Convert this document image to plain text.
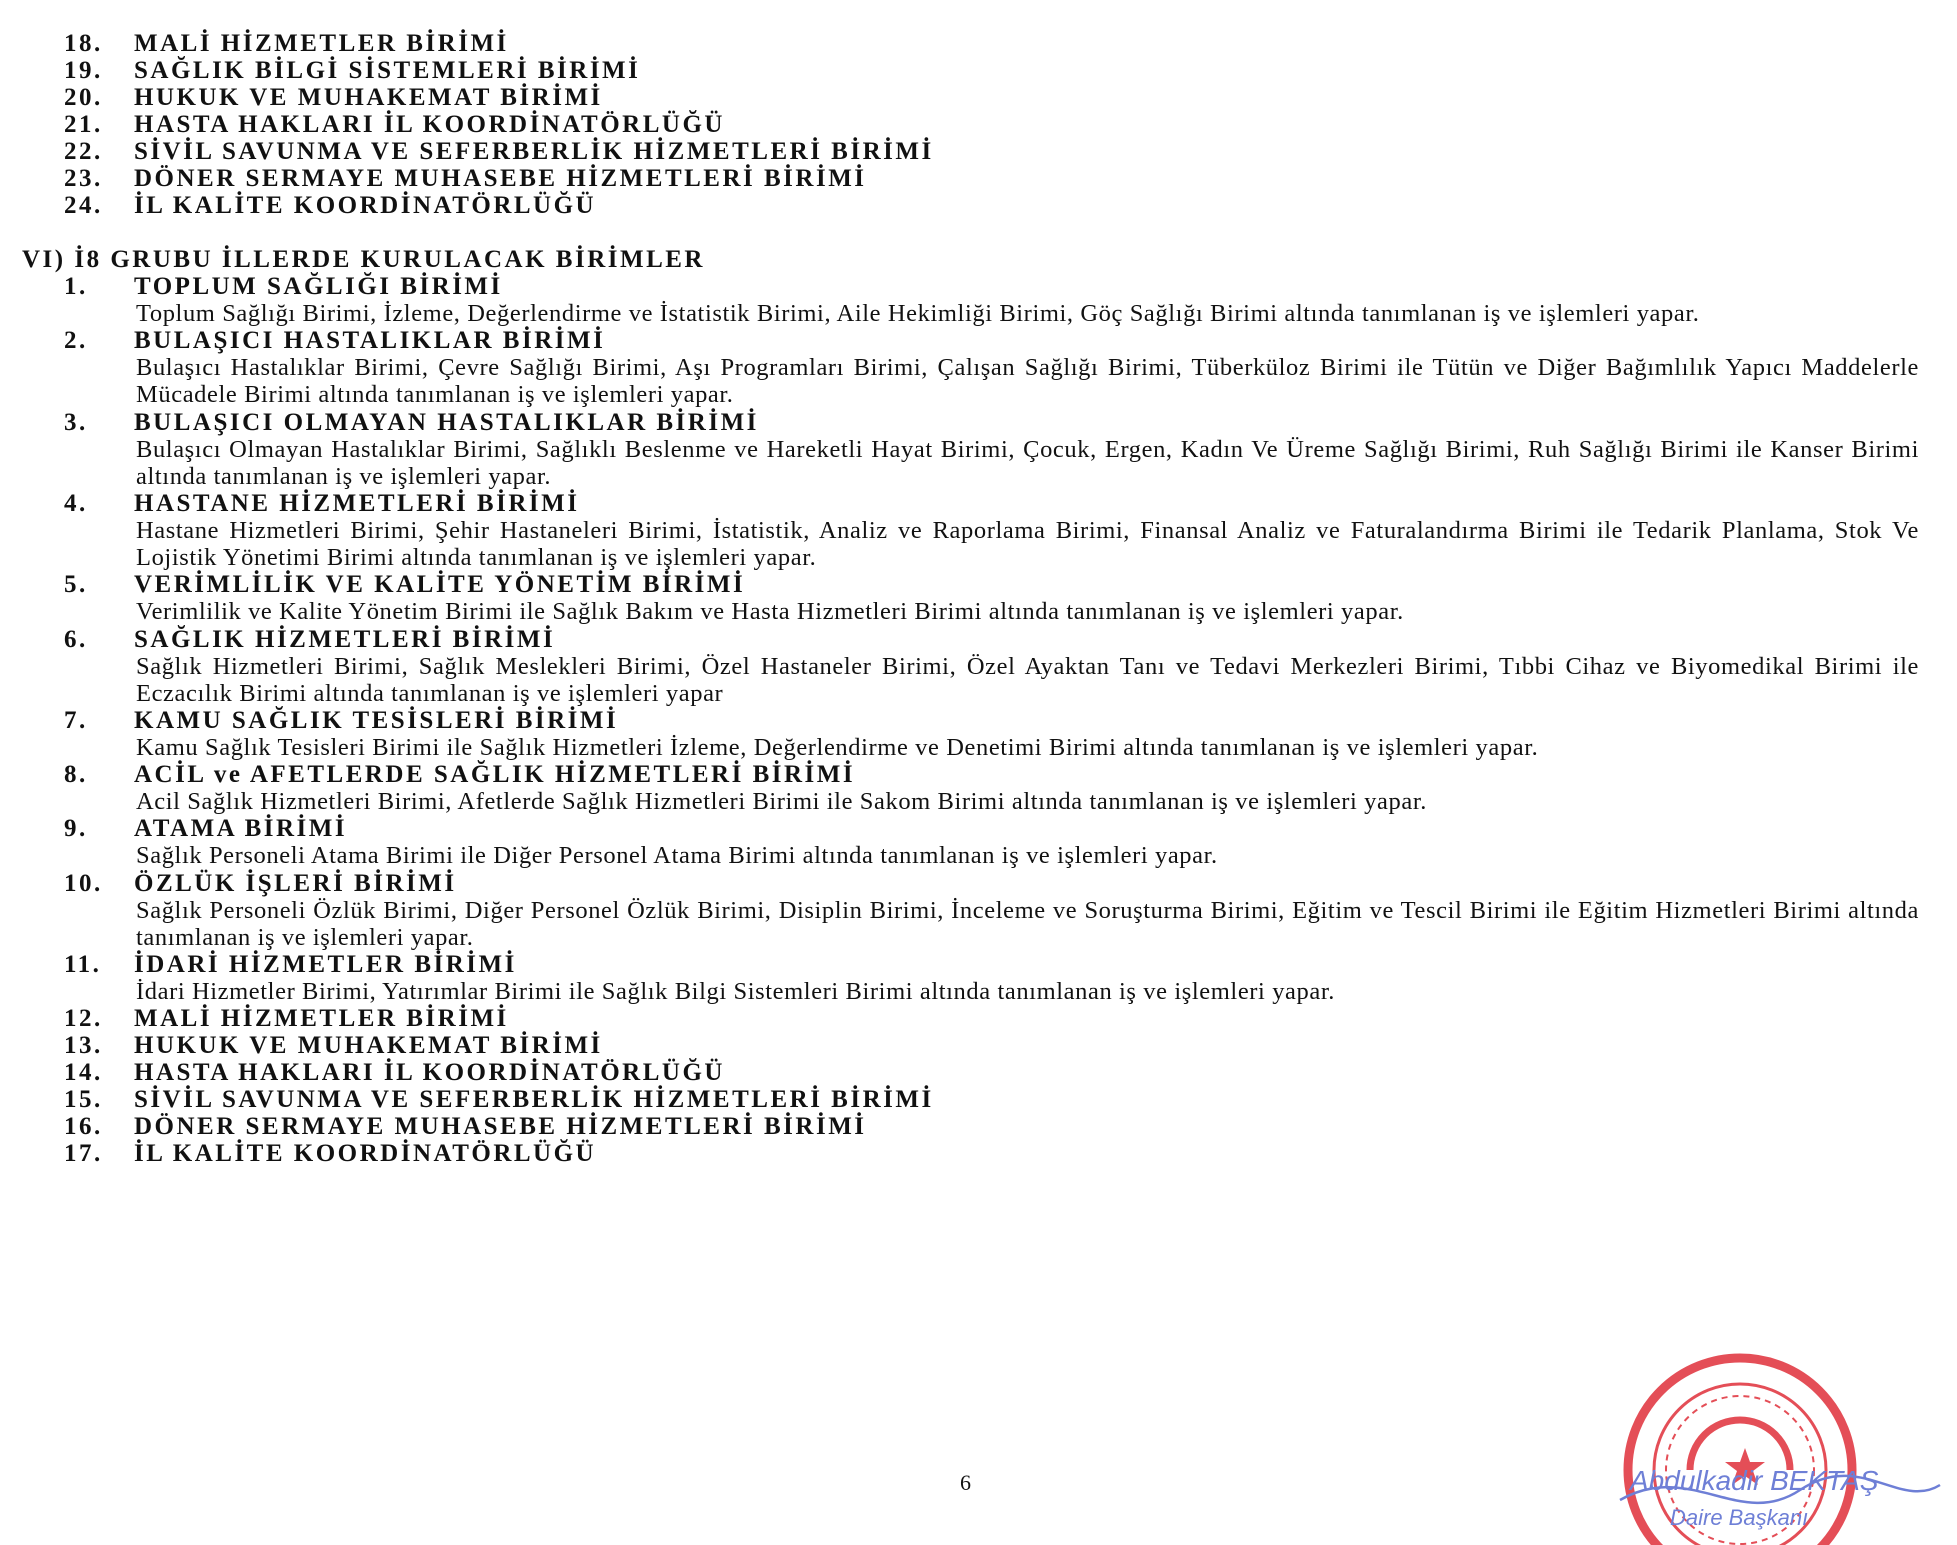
18. MALİ HİZMETLER BİRİMİ
19. SAĞLIK BİLGİ SİSTEMLERİ BİRİMİ
20. HUKUK VE MUHAKEMAT BİRİMİ
21. HASTA HAKLARI İL KOORDİNATÖRLÜĞÜ
22. SİVİL SAVUNMA VE SEFERBERLİK HİZMETLERİ BİRİMİ
23. DÖNER SERMAYE MUHASEBE HİZMETLERİ BİRİMİ
24. İL KALİTE KOORDİNATÖRLÜĞÜ
VI) İ8 GRUBU İLLERDE KURULACAK BİRİMLER
1. TOPLUM SAĞLIĞI BİRİMİ
Toplum Sağlığı Birimi, İzleme, Değerlendirme ve İstatistik Birimi, Aile Hekimliği Birimi, Göç Sağlığı Birimi altında tanımlanan iş ve işlemleri yapar.
2. BULAŞICI HASTALIKLAR BİRİMİ
Bulaşıcı Hastalıklar Birimi, Çevre Sağlığı Birimi, Aşı Programları Birimi, Çalışan Sağlığı Birimi, Tüberküloz Birimi ile Tütün ve Diğer Bağımlılık Yapıcı Maddelerle Mücadele Birimi altında tanımlanan iş ve işlemleri yapar.
3. BULAŞICI OLMAYAN HASTALIKLAR BİRİMİ
Bulaşıcı Olmayan Hastalıklar Birimi, Sağlıklı Beslenme ve Hareketli Hayat Birimi, Çocuk, Ergen, Kadın Ve Üreme Sağlığı Birimi, Ruh Sağlığı Birimi ile Kanser Birimi altında tanımlanan iş ve işlemleri yapar.
4. HASTANE HİZMETLERİ BİRİMİ
Hastane Hizmetleri Birimi, Şehir Hastaneleri Birimi, İstatistik, Analiz ve Raporlama Birimi, Finansal Analiz ve Faturalandırma Birimi ile Tedarik Planlama, Stok Ve Lojistik Yönetimi Birimi altında tanımlanan iş ve işlemleri yapar.
5. VERİMLİLİK VE KALİTE YÖNETİM BİRİMİ
Verimlilik ve Kalite Yönetim Birimi ile Sağlık Bakım ve Hasta Hizmetleri Birimi altında tanımlanan iş ve işlemleri yapar.
6. SAĞLIK HİZMETLERİ BİRİMİ
Sağlık Hizmetleri Birimi, Sağlık Meslekleri Birimi, Özel Hastaneler Birimi, Özel Ayaktan Tanı ve Tedavi Merkezleri Birimi, Tıbbi Cihaz ve Biyomedikal Birimi ile Eczacılık Birimi altında tanımlanan iş ve işlemleri yapar
7. KAMU SAĞLIK TESİSLERİ BİRİMİ
Kamu Sağlık Tesisleri Birimi ile Sağlık Hizmetleri İzleme, Değerlendirme ve Denetimi Birimi altında tanımlanan iş ve işlemleri yapar.
8. ACİL ve AFETLERDE SAĞLIK HİZMETLERİ BİRİMİ
Acil Sağlık Hizmetleri Birimi, Afetlerde Sağlık Hizmetleri Birimi ile Sakom Birimi altında tanımlanan iş ve işlemleri yapar.
9. ATAMA BİRİMİ
Sağlık Personeli Atama Birimi ile Diğer Personel Atama Birimi altında tanımlanan iş ve işlemleri yapar.
10. ÖZLÜK İŞLERİ BİRİMİ
Sağlık Personeli Özlük Birimi, Diğer Personel Özlük Birimi, Disiplin Birimi, İnceleme ve Soruşturma Birimi, Eğitim ve Tescil Birimi ile Eğitim Hizmetleri Birimi altında tanımlanan iş ve işlemleri yapar.
11. İDARİ HİZMETLER BİRİMİ
İdari Hizmetler Birimi, Yatırımlar Birimi ile Sağlık Bilgi Sistemleri Birimi altında tanımlanan iş ve işlemleri yapar.
12. MALİ HİZMETLER BİRİMİ
13. HUKUK VE MUHAKEMAT BİRİMİ
14. HASTA HAKLARI İL KOORDİNATÖRLÜĞÜ
15. SİVİL SAVUNMA VE SEFERBERLİK HİZMETLERİ BİRİMİ
16. DÖNER SERMAYE MUHASEBE HİZMETLERİ BİRİMİ
17. İL KALİTE KOORDİNATÖRLÜĞÜ
6	Abdulkadir BEKTAŞ
Daire Başkanı
